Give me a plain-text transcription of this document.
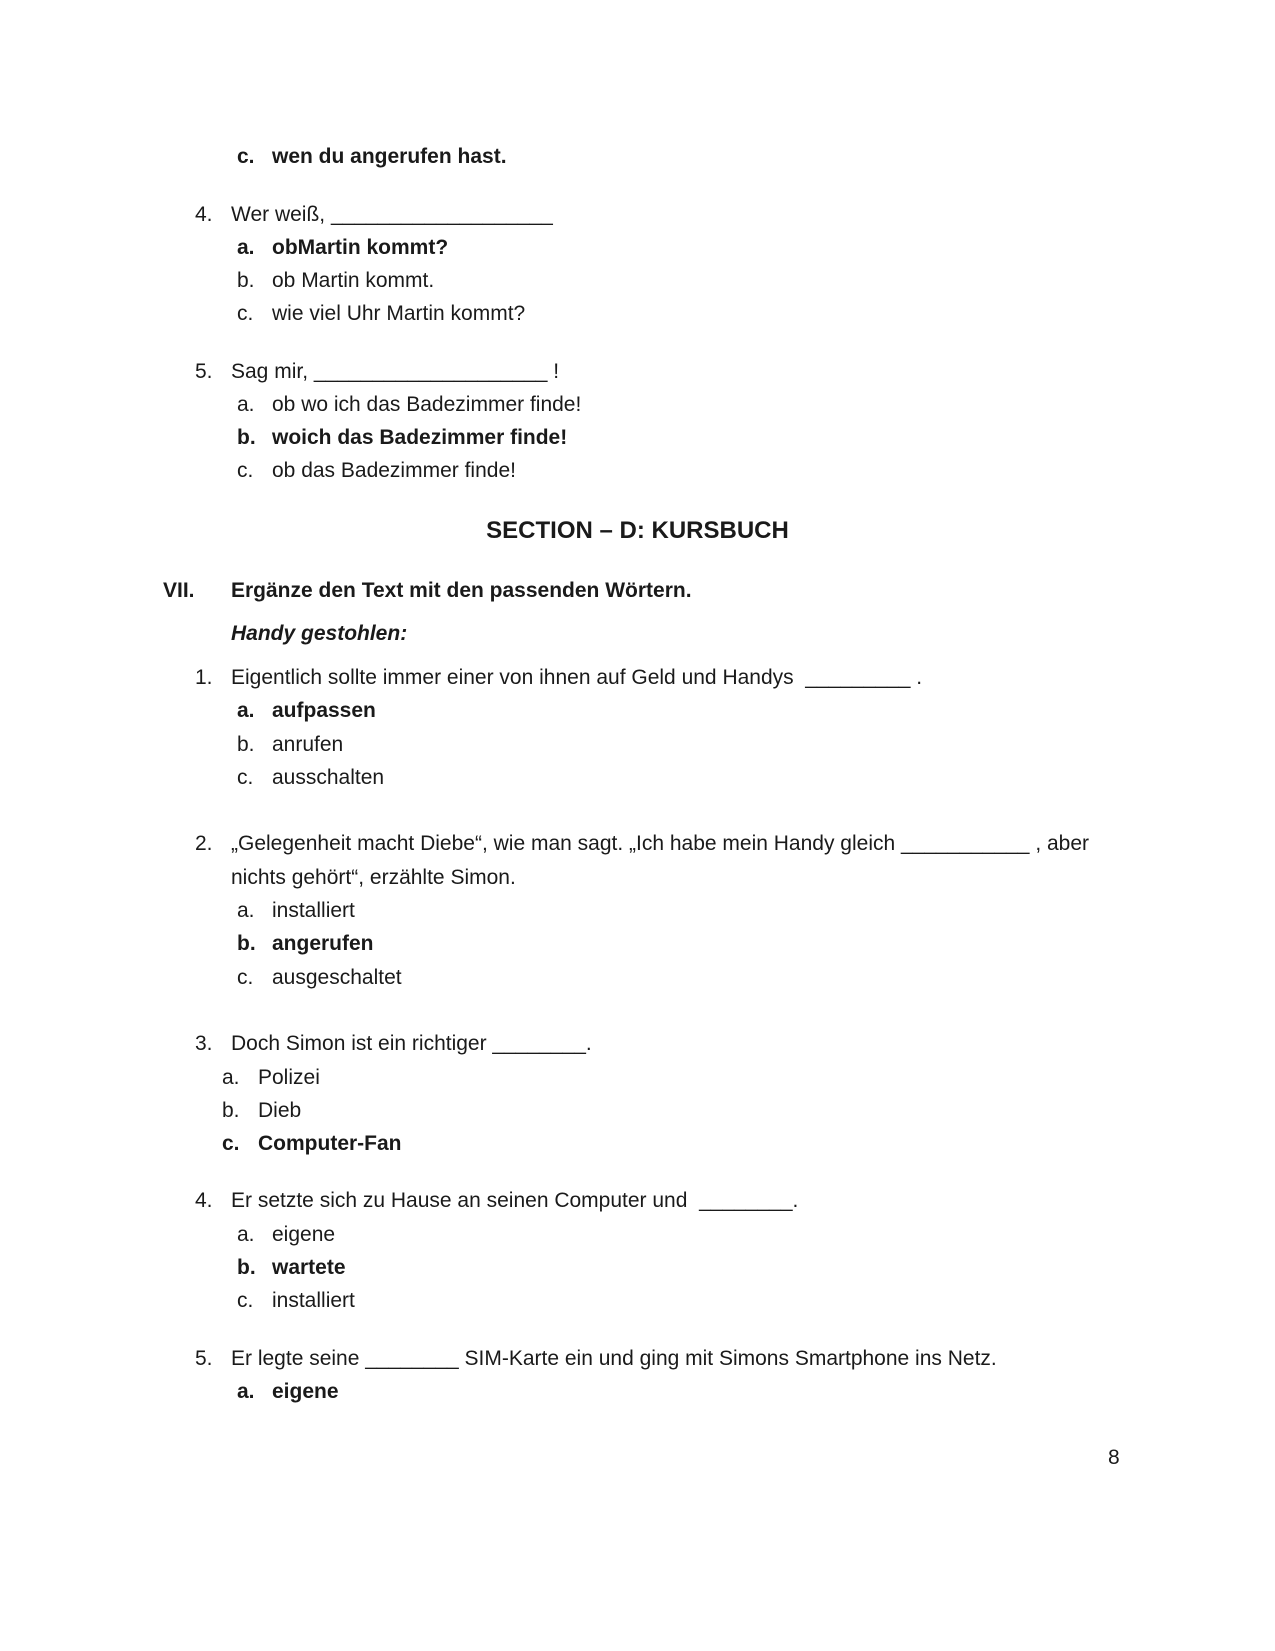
c. wen du angerufen hast.
4. Wer weiß, ___________________
a. obMartin kommt?
b. ob Martin kommt.
c. wie viel Uhr Martin kommt?
5. Sag mir, ____________________ !
a. ob wo ich das Badezimmer finde!
b. woich das Badezimmer finde!
c. ob das Badezimmer finde!
SECTION – D: KURSBUCH
VII. Ergänze den Text mit den passenden Wörtern.
Handy gestohlen:
1. Eigentlich sollte immer einer von ihnen auf Geld und Handys  _________ .
a. aufpassen
b. anrufen
c. ausschalten
2. „Gelegenheit macht Diebe“, wie man sagt. „Ich habe mein Handy gleich ___________ , aber
nichts gehört“, erzählte Simon.
a. installiert
b. angerufen
c. ausgeschaltet
3. Doch Simon ist ein richtiger ________.
a. Polizei
b. Dieb
c. Computer-Fan
4. Er setzte sich zu Hause an seinen Computer und  ________.
a. eigene
b. wartete
c. installiert
5. Er legte seine ________ SIM-Karte ein und ging mit Simons Smartphone ins Netz.
a. eigene
8
